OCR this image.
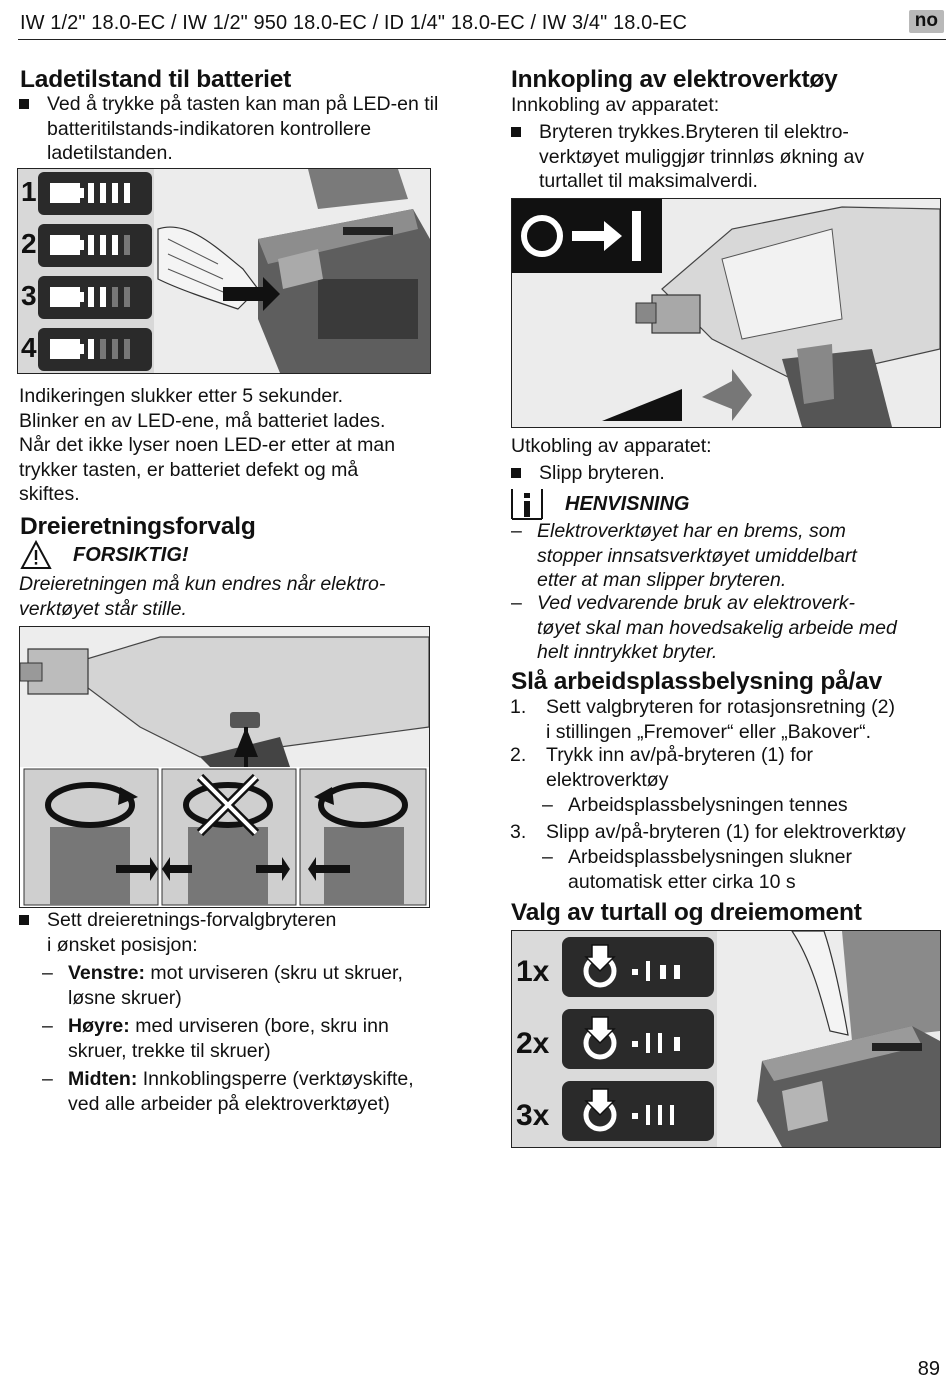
IW 1/2" 18.0-EC / IW 1/2" 950 18.0-EC / ID 1/4" 18.0-EC / IW 3/4" 18.0-EC	no
Ladetilstand til batteriet
Ved å trykke på tasten kan man på LED-en til batteritilstands-indikatoren kontrollere ladetilstanden.
1
2
3
4
Indikeringen slukker etter 5 sekunder.
Blinker en av LED-ene, må batteriet lades.
Når det ikke lyser noen LED-er etter at man
trykker tasten, er batteriet defekt og må
skiftes.
Dreieretningsforvalg
FORSIKTIG!
Dreieretningen må kun endres når elektro-
verktøyet står stille.
Sett dreieretnings-forvalgbryteren
i ønsket posisjon:
– Venstre: mot urviseren (skru ut skruer,
løsne skruer)
– Høyre: med urviseren (bore, skru inn
skruer, trekke til skruer)
– Midten: Innkoblingsperre (verktøyskifte,
ved alle arbeider på elektroverktøyet)
Innkopling av elektroverktøy
Innkobling av apparatet:
Bryteren trykkes.Bryteren til elektro-
verktøyet muliggjør trinnløs økning av
turtallet til maksimalverdi.
Utkobling av apparatet:
Slipp bryteren.
HENVISNING
– Elektroverktøyet har en brems, som
stopper innsatsverktøyet umiddelbart
etter at man slipper bryteren.
– Ved vedvarende bruk av elektroverk-
tøyet skal man hovedsakelig arbeide med
helt inntrykket bryter.
Slå arbeidsplassbelysning på/av
1. Sett valgbryteren for rotasjonsretning (2)
i stillingen „Fremover“ eller „Bakover“.
2. Trykk inn av/på-bryteren (1) for
elektroverktøy
– Arbeidsplassbelysningen tennes
3. Slipp av/på-bryteren (1) for elektroverktøy
– Arbeidsplassbelysningen slukner
automatisk etter cirka 10 s
Valg av turtall og dreiemoment
1x
2x
3x
89
